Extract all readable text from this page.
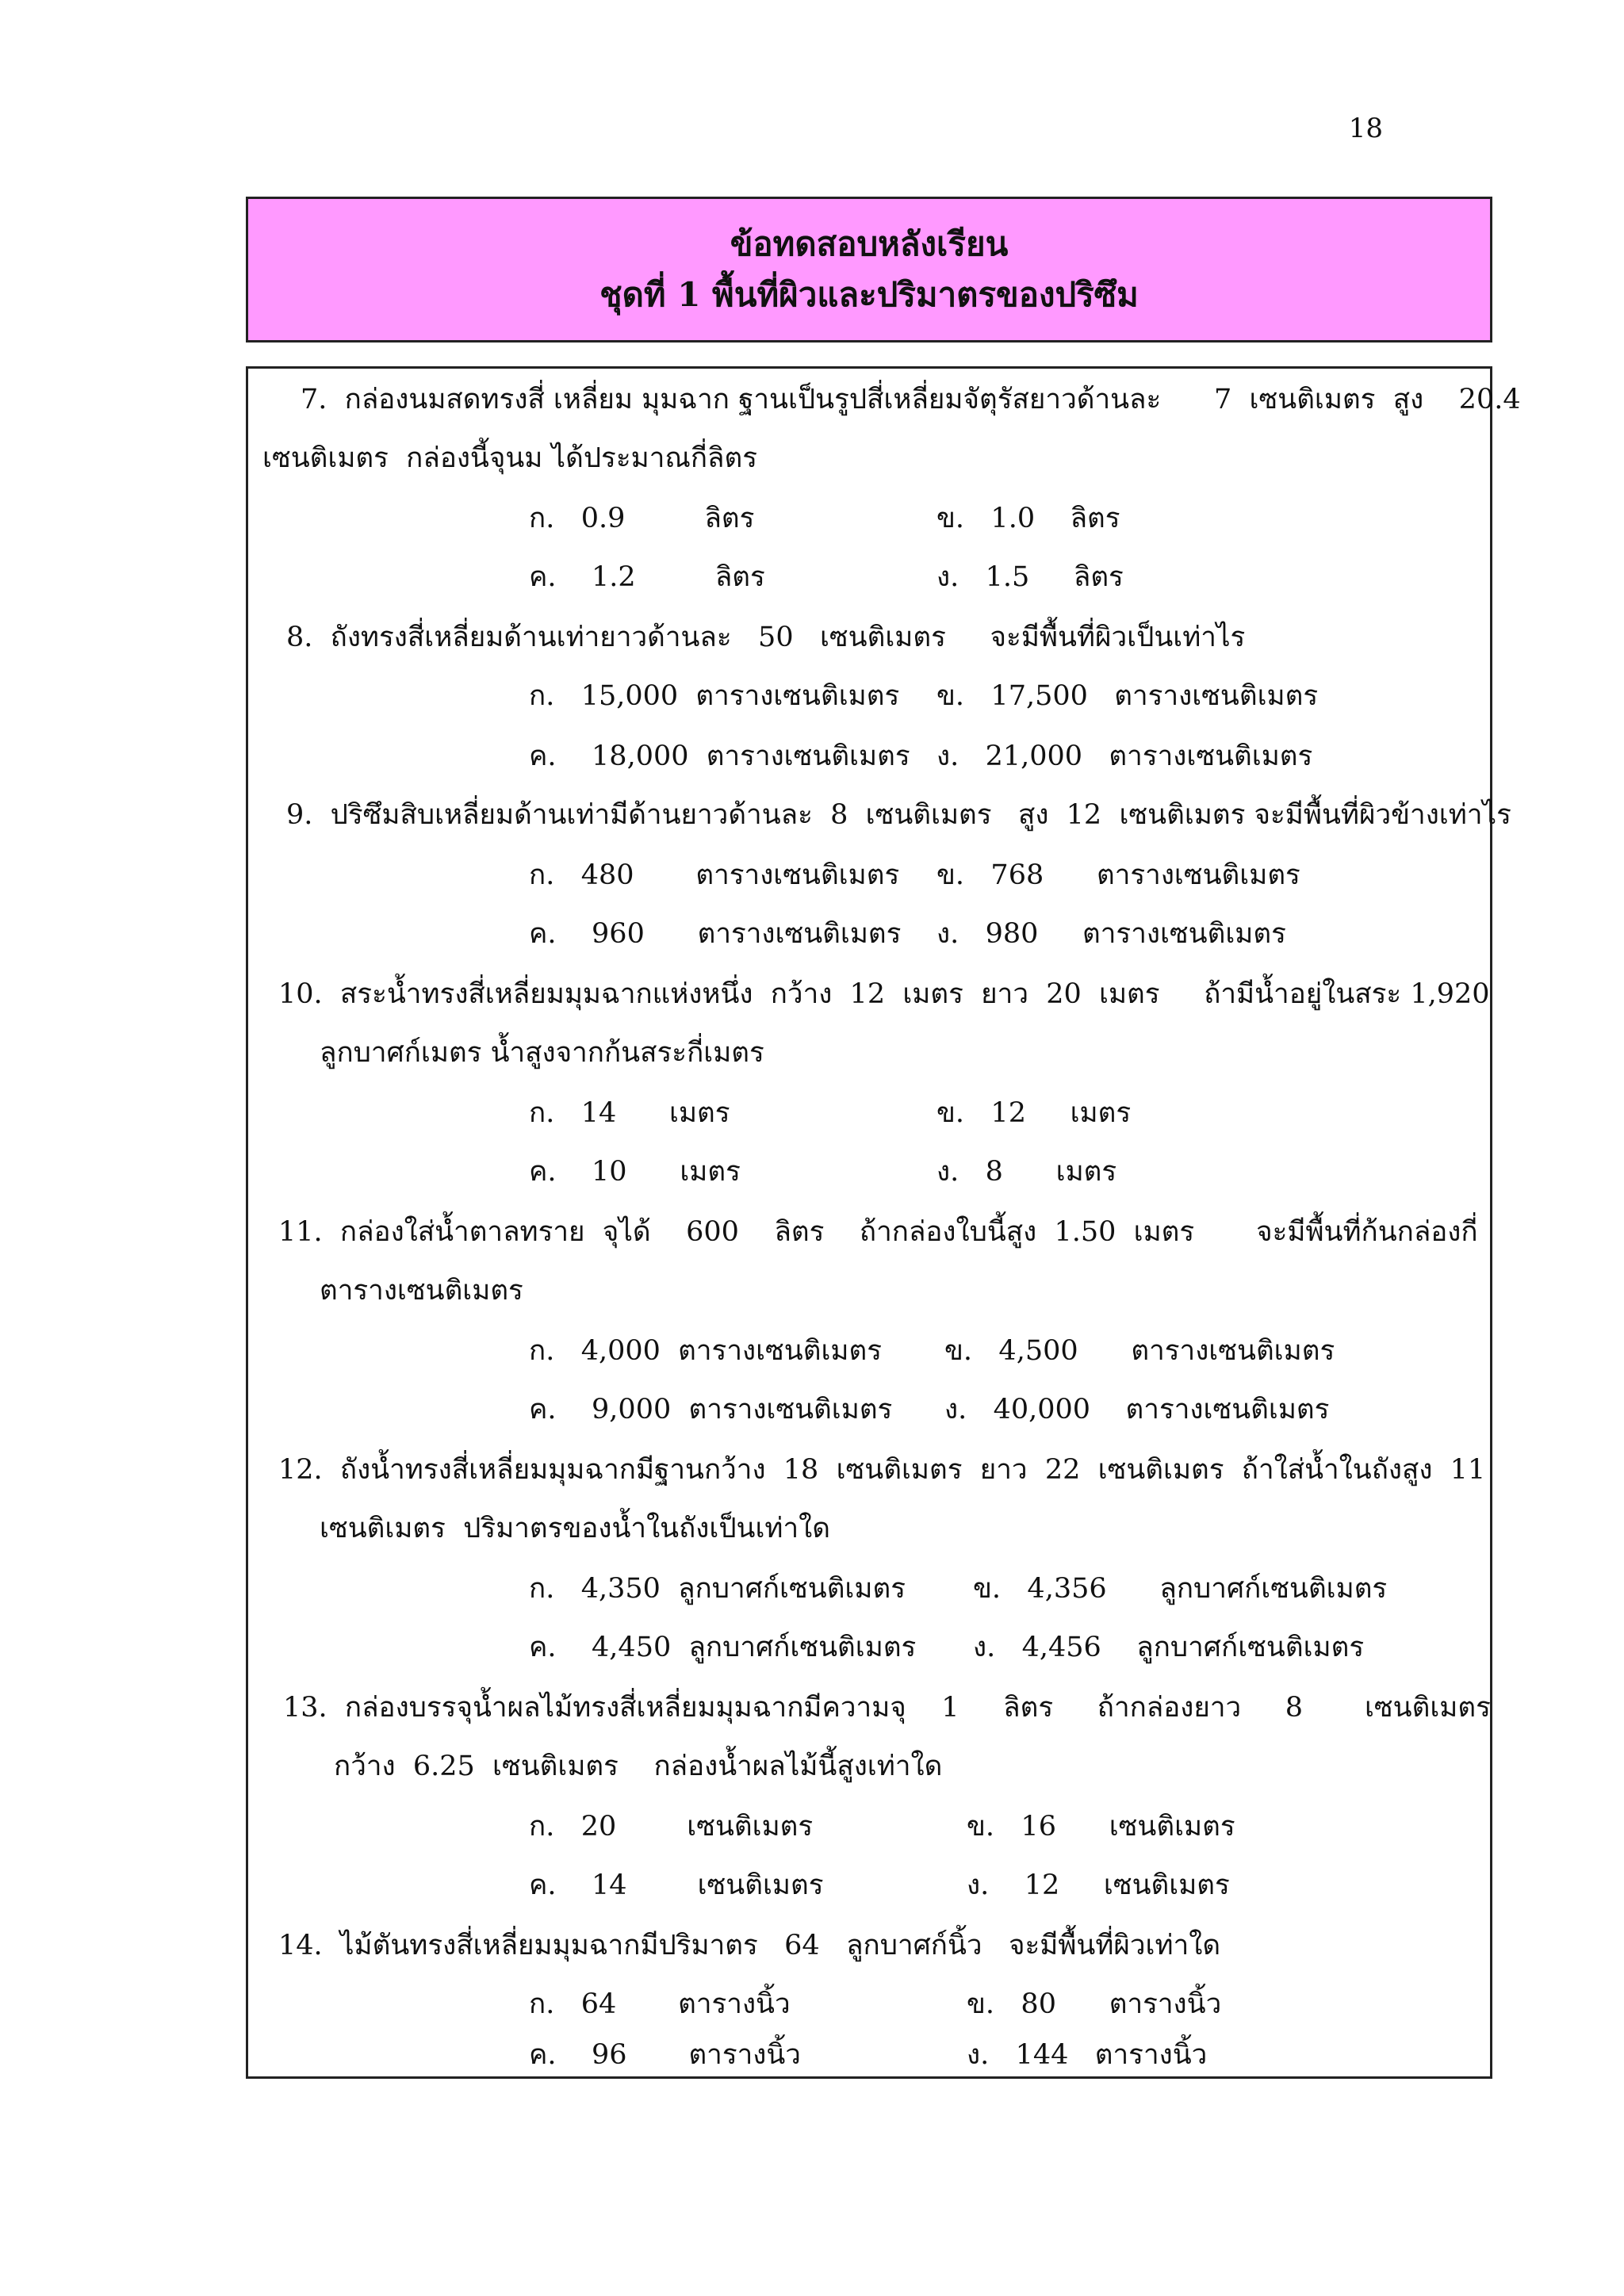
18
ข้อทดสอบหลังเรียน
ชุดที่ 1 พื้นที่ผิวและปริมาตรของปริซึม
7.  กล่องนมสดทรงสี่ เหลี่ยม มุมฉาก ฐานเป็นรูปสี่เหลี่ยมจัตุรัสยาวด้านละ      7  เซนติเมตร  สูง    20.4
เซนติเมตร  กล่องนี้จุนม ได้ประมาณกี่ลิตร
ก.   0.9         ลิตร	ข.   1.0    ลิตร
ค.    1.2         ลิตร	ง.   1.5     ลิตร
8.  ถังทรงสี่เหลี่ยมด้านเท่ายาวด้านละ   50   เซนติเมตร     จะมีพื้นที่ผิวเป็นเท่าไร
ก.   15,000  ตารางเซนติเมตร ข.   17,500   ตารางเซนติเมตร
ค.    18,000  ตารางเซนติเมตร ง.   21,000   ตารางเซนติเมตร
9.  ปริซึมสิบเหลี่ยมด้านเท่ามีด้านยาวด้านละ  8  เซนติเมตร   สูง  12  เซนติเมตร จะมีพื้นที่ผิวข้างเท่าไร
ก.   480       ตารางเซนติเมตร ข.   768      ตารางเซนติเมตร
ค.    960      ตารางเซนติเมตร ง.   980     ตารางเซนติเมตร
10.  สระน้ำทรงสี่เหลี่ยมมุมฉากแห่งหนึ่ง  กว้าง  12  เมตร  ยาว  20  เมตร     ถ้ามีน้ำอยู่ในสระ 1,920
ลูกบาศก์เมตร น้ำสูงจากก้นสระกี่เมตร
ก.   14      เมตร	ข.   12     เมตร
ค.    10      เมตร	ง.   8      เมตร
11.  กล่องใส่น้ำตาลทราย  จุได้    600    ลิตร    ถ้ากล่องใบนี้สูง  1.50  เมตร       จะมีพื้นที่ก้นกล่องกี่
ตารางเซนติเมตร
ก.   4,000  ตารางเซนติเมตร ข.   4,500      ตารางเซนติเมตร
ค.    9,000  ตารางเซนติเมตร ง.   40,000    ตารางเซนติเมตร
12.  ถังน้ำทรงสี่เหลี่ยมมุมฉากมีฐานกว้าง  18  เซนติเมตร  ยาว  22  เซนติเมตร  ถ้าใส่น้ำในถังสูง  11
เซนติเมตร  ปริมาตรของน้ำในถังเป็นเท่าใด
ก.   4,350  ลูกบาศก์เซนติเมตร ข.   4,356      ลูกบาศก์เซนติเมตร
ค.    4,450  ลูกบาศก์เซนติเมตร ง.   4,456    ลูกบาศก์เซนติเมตร
13.  กล่องบรรจุน้ำผลไม้ทรงสี่เหลี่ยมมุมฉากมีความจุ    1     ลิตร     ถ้ากล่องยาว     8       เซนติเมตร
กว้าง  6.25  เซนติเมตร    กล่องน้ำผลไม้นี้สูงเท่าใด
ก.   20        เซนติเมตร	ข.   16      เซนติเมตร
ค.    14        เซนติเมตร	ง.    12     เซนติเมตร
14.  ไม้ตันทรงสี่เหลี่ยมมุมฉากมีปริมาตร   64   ลูกบาศก์นิ้ว   จะมีพื้นที่ผิวเท่าใด
ก.   64       ตารางนิ้ว	ข.   80      ตารางนิ้ว
ค.    96       ตารางนิ้ว	ง.   144   ตารางนิ้ว
